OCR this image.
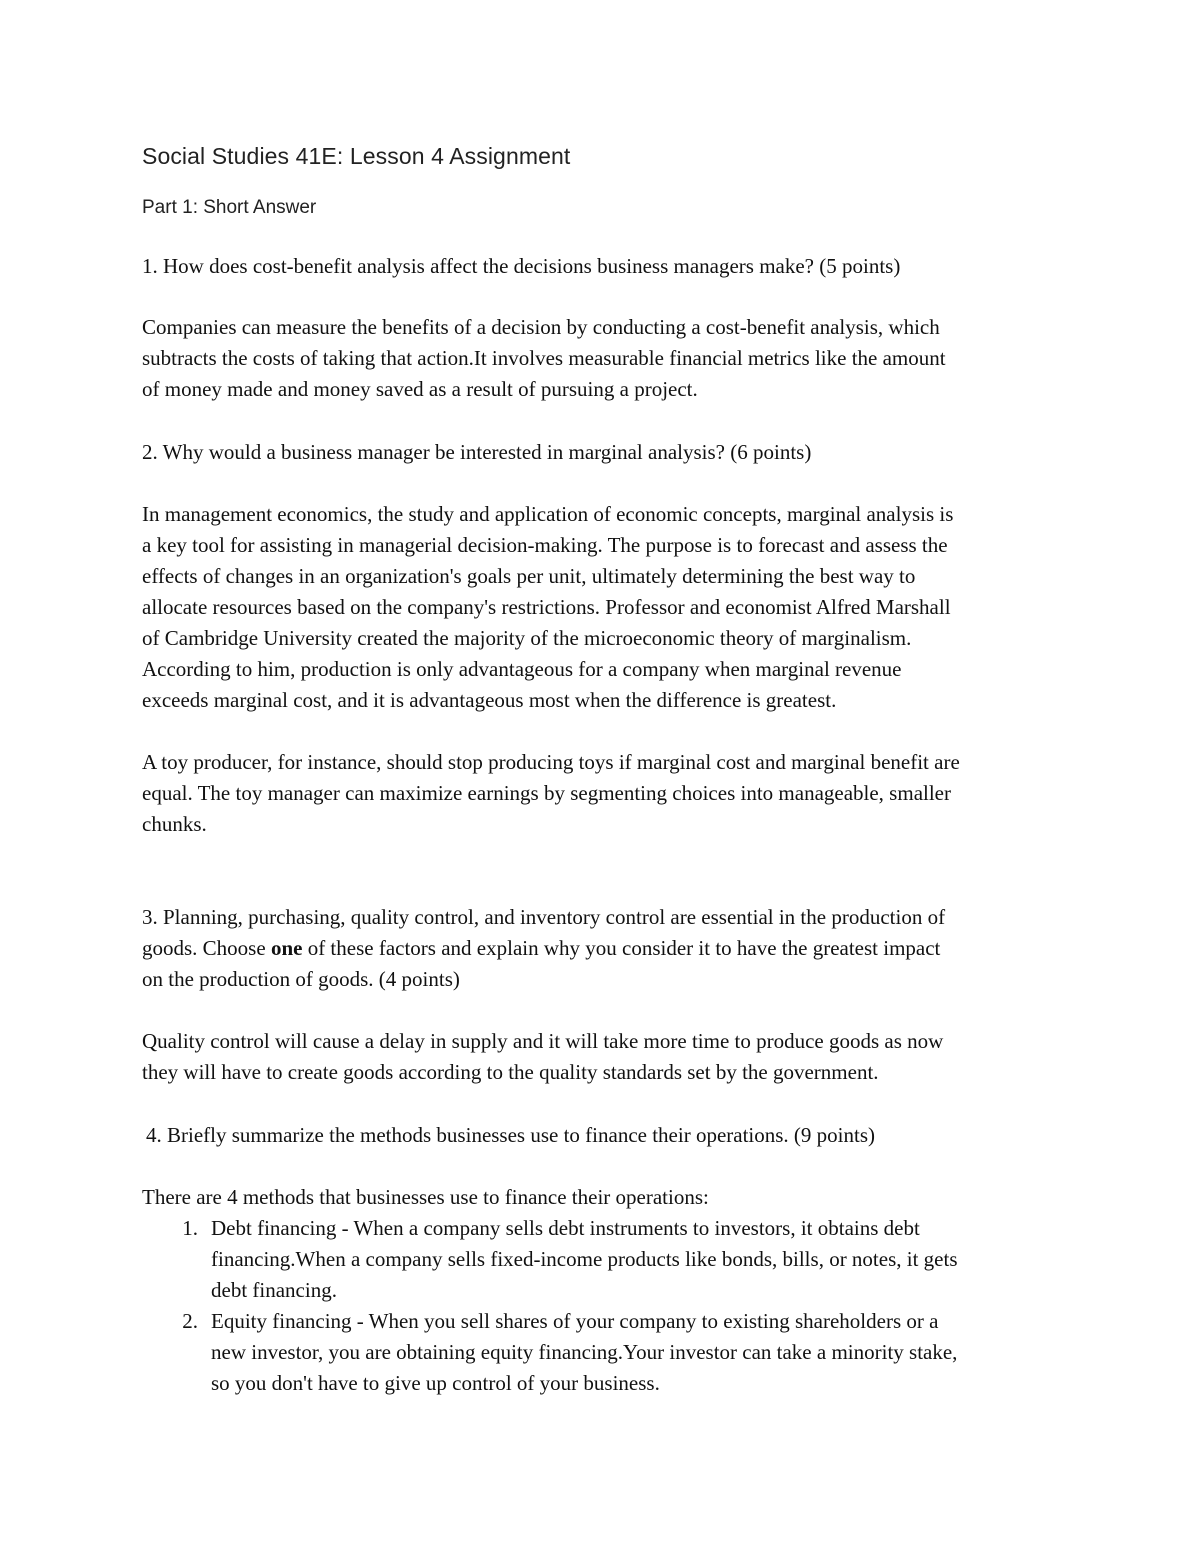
Social Studies 41E: Lesson 4 Assignment
Part 1: Short Answer
1. How does cost-benefit analysis affect the decisions business managers make? (5 points)
Companies can measure the benefits of a decision by conducting a cost-benefit analysis, which
subtracts the costs of taking that action.It involves measurable financial metrics like the amount
of money made and money saved as a result of pursuing a project.
2. Why would a business manager be interested in marginal analysis? (6 points)
In management economics, the study and application of economic concepts, marginal analysis is
a key tool for assisting in managerial decision-making. The purpose is to forecast and assess the
effects of changes in an organization's goals per unit, ultimately determining the best way to
allocate resources based on the company's restrictions. Professor and economist Alfred Marshall
of Cambridge University created the majority of the microeconomic theory of marginalism.
According to him, production is only advantageous for a company when marginal revenue
exceeds marginal cost, and it is advantageous most when the difference is greatest.
A toy producer, for instance, should stop producing toys if marginal cost and marginal benefit are
equal. The toy manager can maximize earnings by segmenting choices into manageable, smaller
chunks.
3. Planning, purchasing, quality control, and inventory control are essential in the production of
goods. Choose one of these factors and explain why you consider it to have the greatest impact
on the production of goods. (4 points)
Quality control will cause a delay in supply and it will take more time to produce goods as now
they will have to create goods according to the quality standards set by the government.
4. Briefly summarize the methods businesses use to finance their operations. (9 points)
There are 4 methods that businesses use to finance their operations:
1. Debt financing - When a company sells debt instruments to investors, it obtains debt
financing.When a company sells fixed-income products like bonds, bills, or notes, it gets
debt financing.
2. Equity financing - When you sell shares of your company to existing shareholders or a
new investor, you are obtaining equity financing.Your investor can take a minority stake,
so you don't have to give up control of your business.
